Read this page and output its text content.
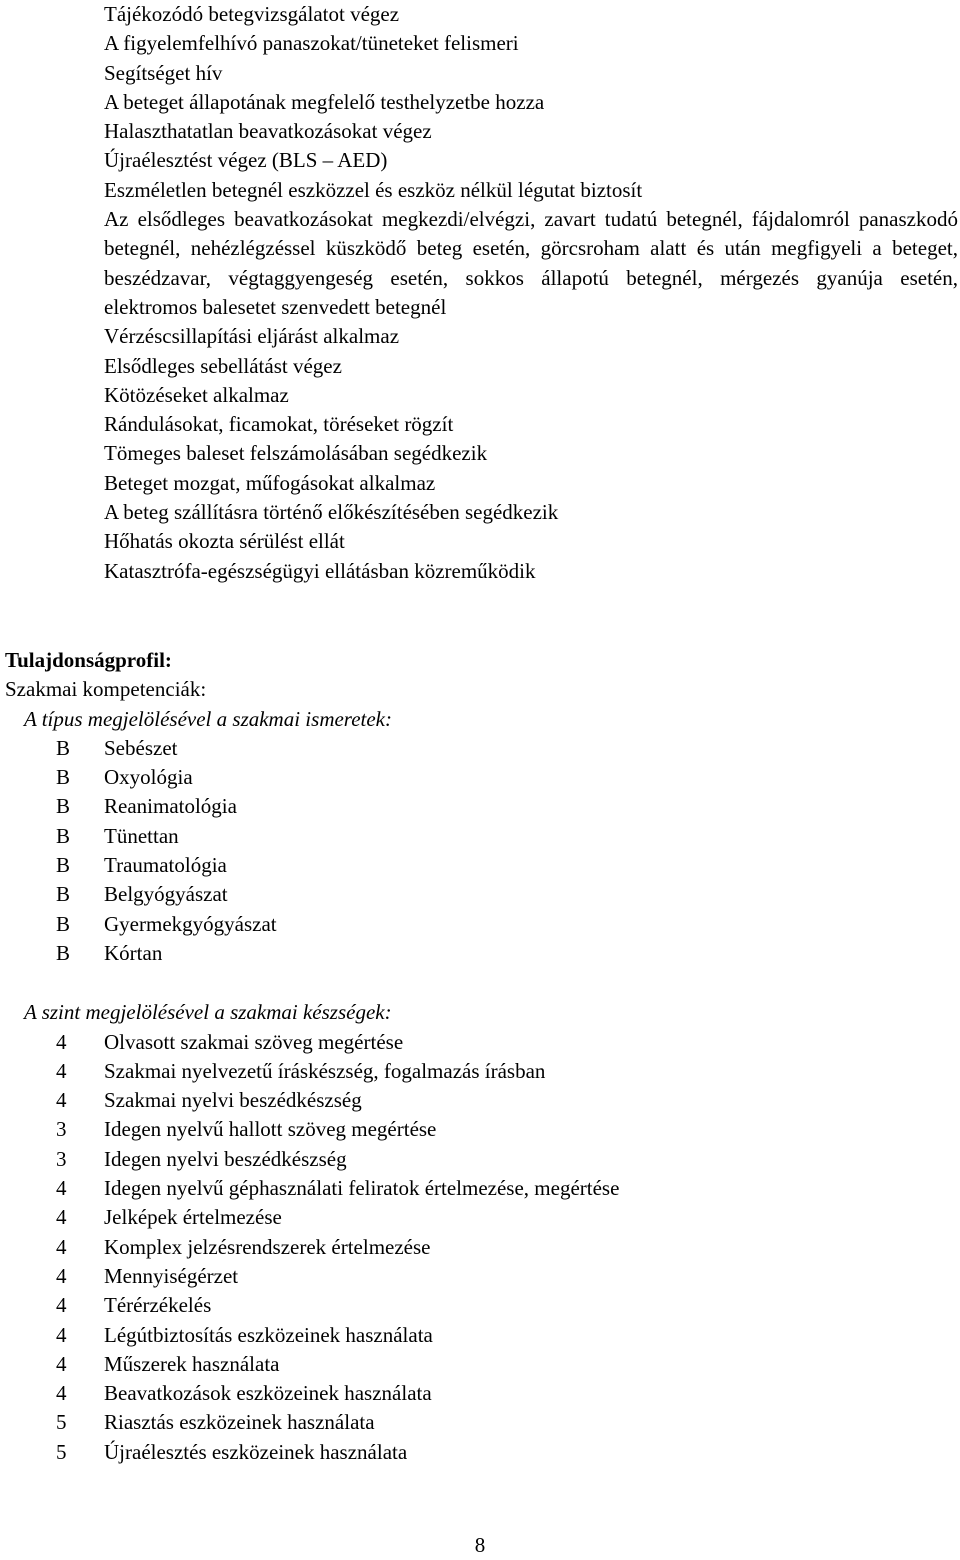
Tájékozódó betegvizsgálatot végez
A figyelemfelhívó panaszokat/tüneteket felismeri
Segítséget hív
A beteget állapotának megfelelő testhelyzetbe hozza
Halaszthatatlan beavatkozásokat végez
Újraélesztést végez (BLS – AED)
Eszméletlen betegnél eszközzel és eszköz nélkül légutat biztosít
Az elsődleges beavatkozásokat megkezdi/elvégzi, zavart tudatú betegnél, fájdalomról panaszkodó betegnél, nehézlégzéssel küszködő beteg esetén, görcsroham alatt és után megfigyeli a beteget, beszédzavar, végtaggyengeség esetén, sokkos állapotú betegnél, mérgezés gyanúja esetén, elektromos balesetet szenvedett betegnél
Vérzéscsillapítási eljárást alkalmaz
Elsődleges sebellátást végez
Kötözéseket alkalmaz
Rándulásokat, ficamokat, töréseket rögzít
Tömeges baleset felszámolásában segédkezik
Beteget mozgat, műfogásokat alkalmaz
A beteg szállításra történő előkészítésében segédkezik
Hőhatás okozta sérülést ellát
Katasztrófa-egészségügyi ellátásban közreműködik
Tulajdonságprofil:
Szakmai kompetenciák:
A típus megjelölésével a szakmai ismeretek:
B	Sebészet
B	Oxyológia
B	Reanimatológia
B	Tünettan
B	Traumatológia
B	Belgyógyászat
B	Gyermekgyógyászat
B	Kórtan
A szint megjelölésével a szakmai készségek:
4	Olvasott szakmai szöveg megértése
4	Szakmai nyelvezetű íráskészség, fogalmazás írásban
4	Szakmai nyelvi beszédkészség
3	Idegen nyelvű hallott szöveg megértése
3	Idegen nyelvi beszédkészség
4	Idegen nyelvű géphasználati feliratok értelmezése, megértése
4	Jelképek értelmezése
4	Komplex jelzésrendszerek értelmezése
4	Mennyiségérzet
4	Térérzékelés
4	Légútbiztosítás eszközeinek használata
4	Műszerek használata
4	Beavatkozások eszközeinek használata
5	Riasztás eszközeinek használata
5	Újraélesztés eszközeinek használata
8
